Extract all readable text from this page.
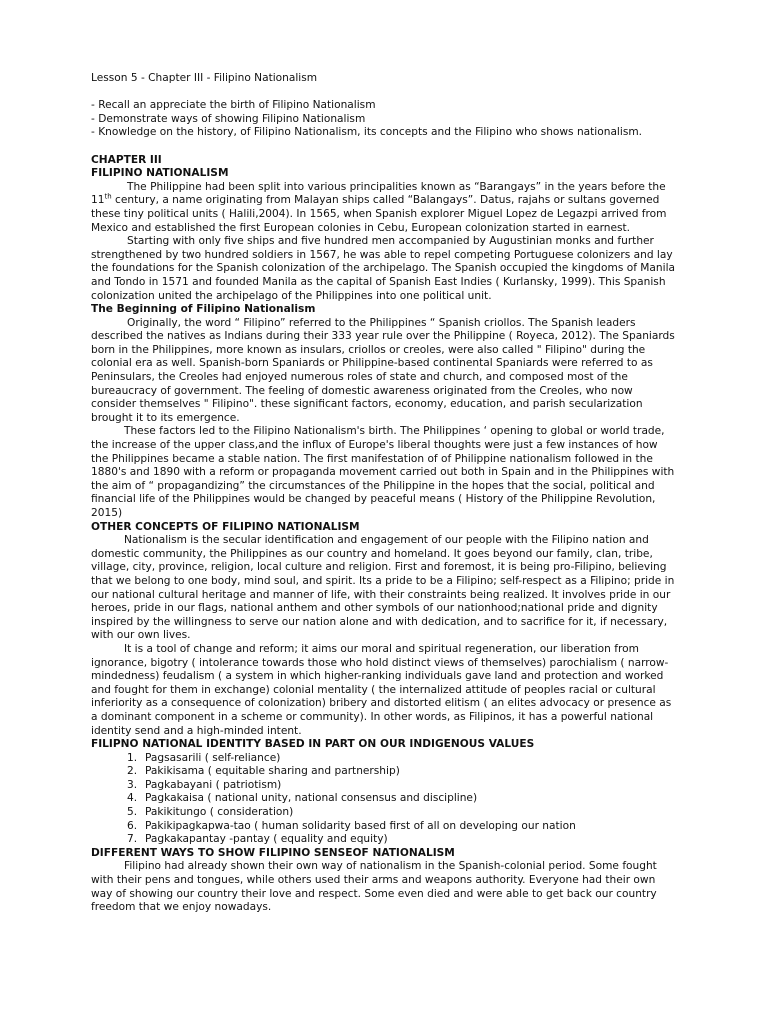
Lesson 5 - Chapter III - Filipino Nationalism

- Recall an appreciate the birth of Filipino Nationalism

- Demonstrate ways of showing Filipino Nationalism

- Knowledge on the history, of Filipino Nationalism, its concepts and the Filipino who shows nationalism.

CHAPTER III

FILIPINO NATIONALISM

The Philippine had been split into various principalities known as “Barangays” in the years before the 11th century, a name originating from Malayan ships called “Balangays”. Datus, rajahs or sultans governed these tiny political units ( Halili,2004). In 1565, when Spanish explorer Miguel Lopez de Legazpi arrived from Mexico and established the first European colonies in Cebu, European colonization started in earnest.

Starting with only five ships and five hundred men accompanied by Augustinian monks and further strengthened by two hundred soldiers in 1567, he was able to repel competing Portuguese colonizers and lay the foundations for the Spanish colonization of the archipelago. The Spanish occupied the kingdoms of Manila and Tondo in 1571 and founded Manila as the capital of Spanish East Indies ( Kurlansky, 1999). This Spanish colonization united the archipelago of the Philippines into one political unit.

The Beginning of Filipino Nationalism

Originally, the word “ Filipino” referred to the Philippines “ Spanish criollos. The Spanish leaders described the natives as Indians during their 333 year rule over the Philippine ( Royeca, 2012). The Spaniards born in the Philippines, more known as insulars, criollos or creoles, were also called " Filipino" during the colonial era as well. Spanish-born Spaniards or Philippine-based continental Spaniards were referred to as Peninsulars, the Creoles had enjoyed numerous roles of state and church, and composed most of the bureaucracy of government. The feeling of domestic awareness originated from the Creoles, who now consider themselves " Filipino". these significant factors, economy, education, and parish secularization brought it to its emergence.

These factors led to the Filipino Nationalism's birth. The Philippines ‘ opening to global or world trade, the increase of the upper class,and the influx of Europe's liberal thoughts were just a few instances of how the Philippines became a stable nation. The first manifestation of of Philippine nationalism followed in the 1880's and 1890 with a reform or propaganda movement carried out both in Spain and in the Philippines with the aim of “ propagandizing” the circumstances of the Philippine in the hopes that the social, political and financial life of the Philippines would be changed by peaceful means ( History of the Philippine Revolution, 2015)

OTHER CONCEPTS OF FILIPINO NATIONALISM

Nationalism is the secular identification and engagement of our people with the Filipino nation and domestic community, the Philippines as our country and homeland. It goes beyond our family, clan, tribe, village, city, province, religion, local culture and religion. First and foremost, it is being pro-Filipino, believing that we belong to one body, mind soul, and spirit. Its a pride to be a Filipino; self-respect as a Filipino; pride in our national cultural heritage and manner of life, with their constraints being realized. It involves pride in our heroes, pride in our flags, national anthem and other symbols of our nationhood;national pride and dignity inspired by the willingness to serve our nation alone and with dedication, and to sacrifice for it, if necessary, with our own lives.

It is a tool of change and reform; it aims our moral and spiritual regeneration, our liberation from ignorance, bigotry ( intolerance towards those who hold distinct views of themselves) parochialism ( narrow-mindedness) feudalism ( a system in which higher-ranking individuals gave land and protection and worked and fought for them in exchange) colonial mentality ( the internalized attitude of peoples racial or cultural inferiority as a consequence of colonization) bribery and distorted elitism ( an elites advocacy or presence as a dominant component in a scheme or community). In other words, as Filipinos, it has a powerful national identity send and a high-minded intent.

FILIPNO NATIONAL IDENTITY BASED IN PART ON OUR INDIGENOUS VALUES

1. Pagsasarili ( self-reliance)
2. Pakikisama ( equitable sharing and partnership)
3. Pagkabayani ( patriotism)
4. Pagkakaisa ( national unity, national consensus and discipline)
5. Pakikitungo ( consideration)
6. Pakikipagkapwa-tao ( human solidarity based first of all on developing our nation
7. Pagkakapantay -pantay ( equality and equity)

DIFFERENT WAYS TO SHOW FILIPINO SENSEOF NATIONALISM

Filipino had already shown their own way of nationalism in the Spanish-colonial period. Some fought with their pens and tongues, while others used their arms and weapons authority. Everyone had their own way of showing our country their love and respect. Some even died and were able to get back our country freedom that we enjoy nowadays.
